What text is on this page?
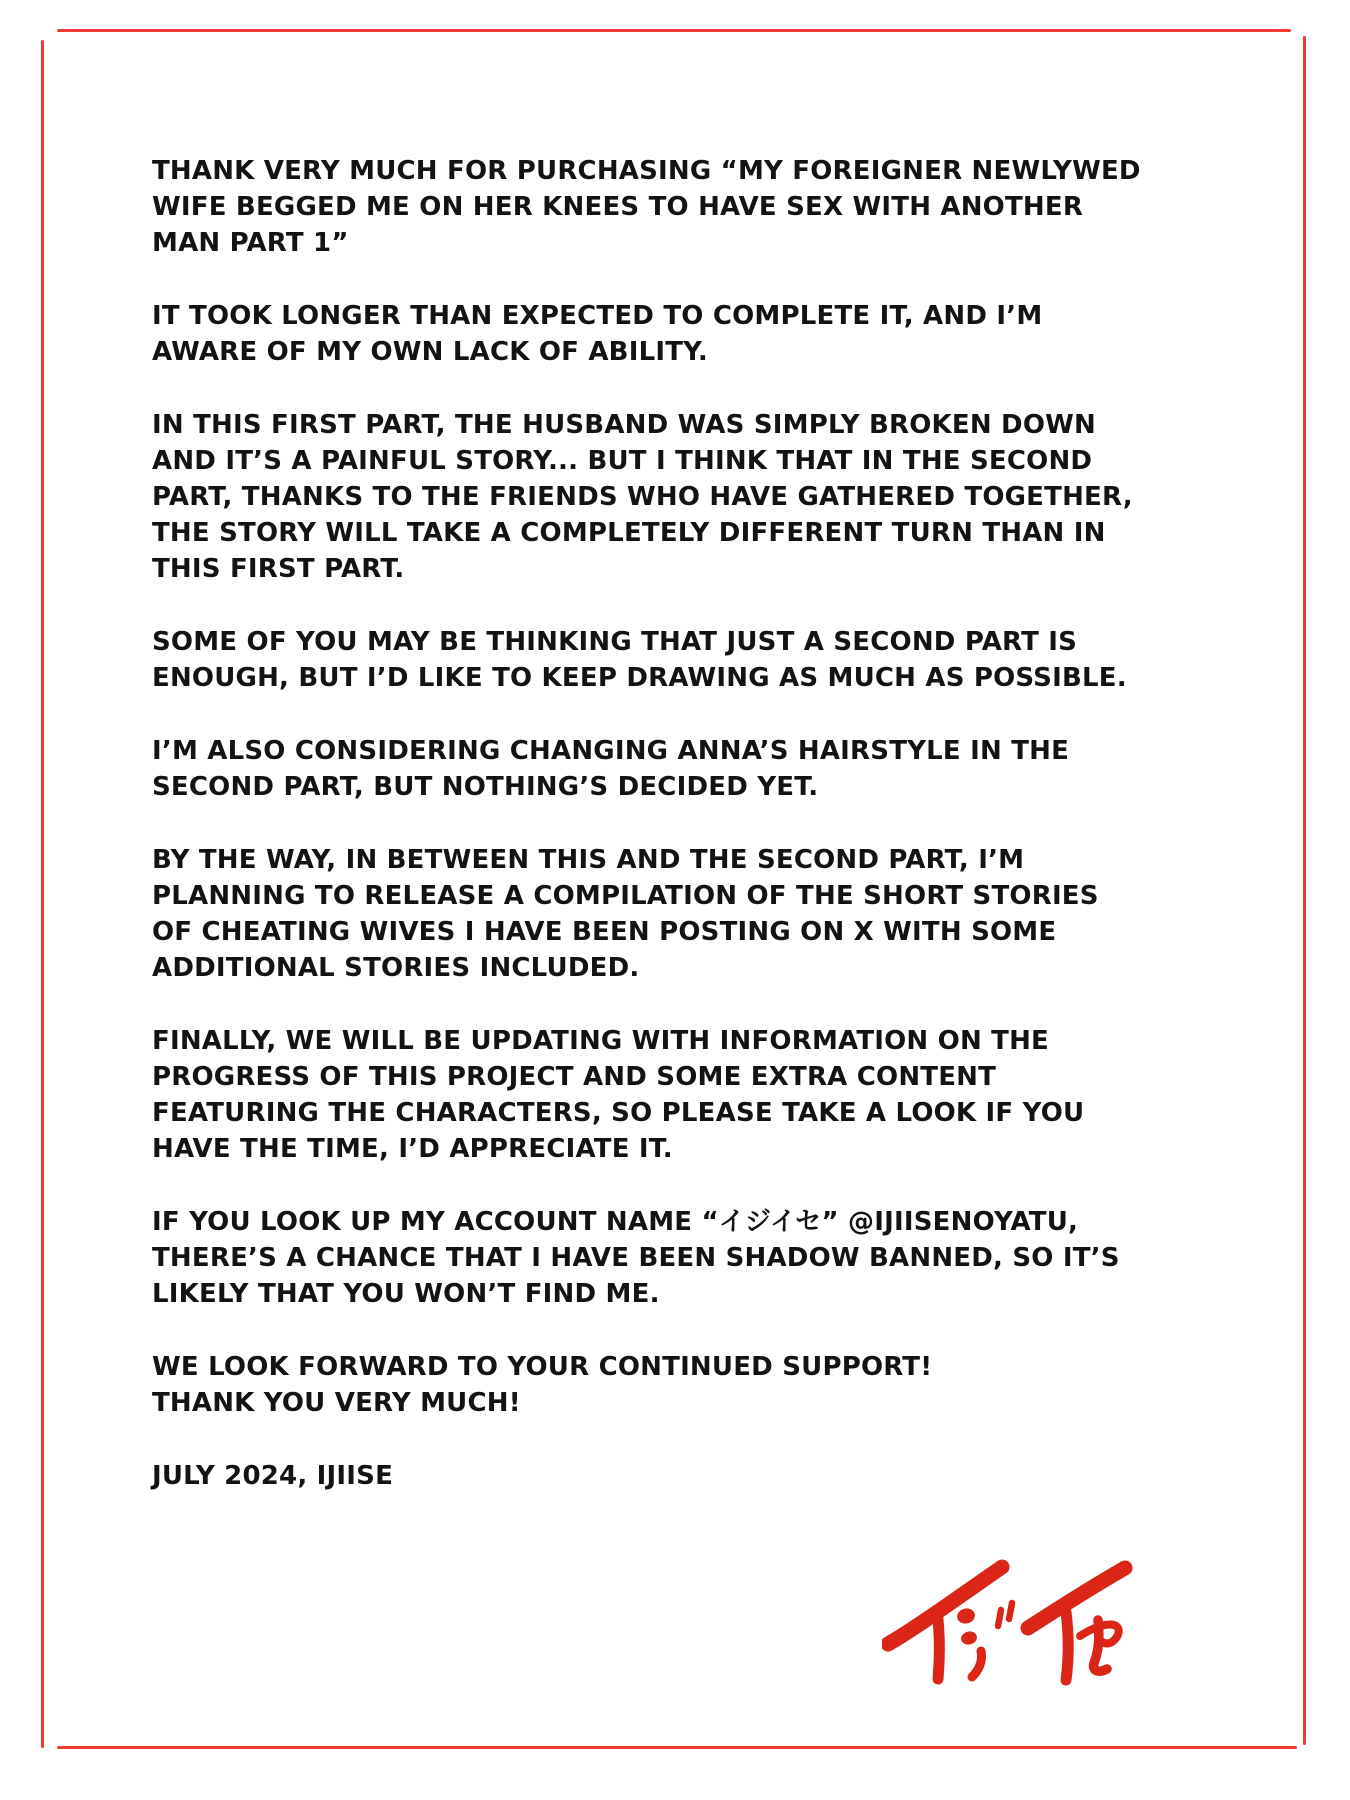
THANK VERY MUCH FOR PURCHASING “MY FOREIGNER NEWLYWED
WIFE BEGGED ME ON HER KNEES TO HAVE SEX WITH ANOTHER
MAN PART 1”
IT TOOK LONGER THAN EXPECTED TO COMPLETE IT, AND I’M
AWARE OF MY OWN LACK OF ABILITY.
IN THIS FIRST PART, THE HUSBAND WAS SIMPLY BROKEN DOWN
AND IT’S A PAINFUL STORY... BUT I THINK THAT IN THE SECOND
PART, THANKS TO THE FRIENDS WHO HAVE GATHERED TOGETHER,
THE STORY WILL TAKE A COMPLETELY DIFFERENT TURN THAN IN
THIS FIRST PART.
SOME OF YOU MAY BE THINKING THAT JUST A SECOND PART IS
ENOUGH, BUT I’D LIKE TO KEEP DRAWING AS MUCH AS POSSIBLE.
I’M ALSO CONSIDERING CHANGING ANNA’S HAIRSTYLE IN THE
SECOND PART, BUT NOTHING’S DECIDED YET.
BY THE WAY, IN BETWEEN THIS AND THE SECOND PART, I’M
PLANNING TO RELEASE A COMPILATION OF THE SHORT STORIES
OF CHEATING WIVES I HAVE BEEN POSTING ON X WITH SOME
ADDITIONAL STORIES INCLUDED.
FINALLY, WE WILL BE UPDATING WITH INFORMATION ON THE
PROGRESS OF THIS PROJECT AND SOME EXTRA CONTENT
FEATURING THE CHARACTERS, SO PLEASE TAKE A LOOK IF YOU
HAVE THE TIME, I’D APPRECIATE IT.
IF YOU LOOK UP MY ACCOUNT NAME “イジイセ” @IJIISENOYATU,
THERE’S A CHANCE THAT I HAVE BEEN SHADOW BANNED, SO IT’S
LIKELY THAT YOU WON’T FIND ME.
WE LOOK FORWARD TO YOUR CONTINUED SUPPORT!
THANK YOU VERY MUCH!
JULY 2024, IJIISE
